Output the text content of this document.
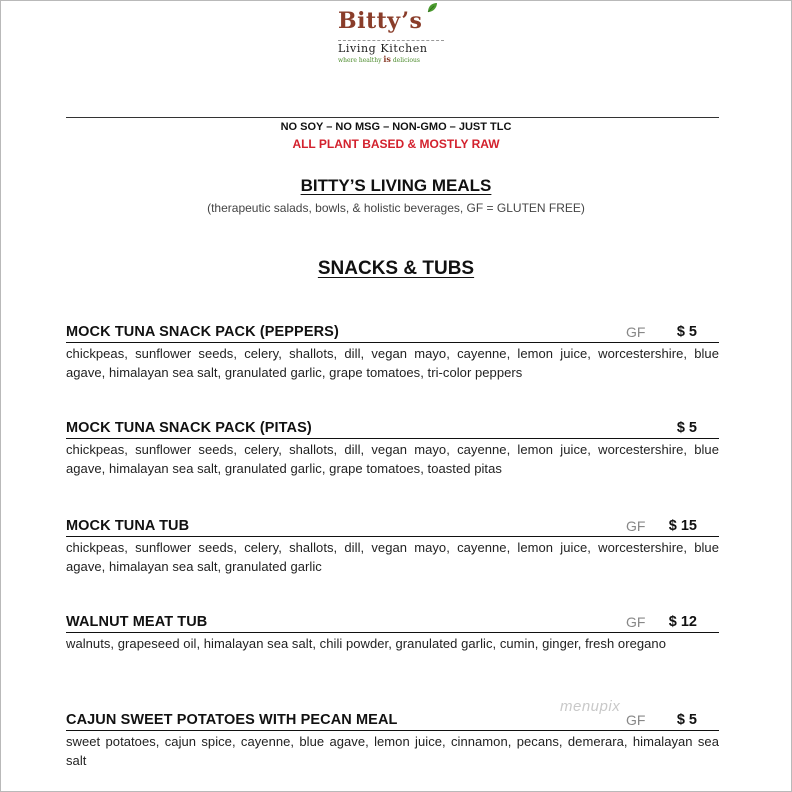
Bitty’s
Living Kitchen
where healthy is delicious
NO SOY – NO MSG – NON-GMO – JUST TLC
ALL PLANT BASED & MOSTLY RAW
BITTY’S LIVING MEALS
(therapeutic salads, bowls, & holistic beverages, GF = GLUTEN FREE)
SNACKS & TUBS
MOCK TUNA SNACK PACK (PEPPERS)	GF $ 5
chickpeas, sunflower seeds, celery, shallots, dill, vegan mayo, cayenne, lemon juice, worcestershire, blue agave, himalayan sea salt, granulated garlic, grape tomatoes, tri-color peppers
MOCK TUNA SNACK PACK (PITAS)	$ 5
chickpeas, sunflower seeds, celery, shallots, dill, vegan mayo, cayenne, lemon juice, worcestershire, blue agave, himalayan sea salt, granulated garlic, grape tomatoes, toasted pitas
MOCK TUNA TUB	GF $ 15
chickpeas, sunflower seeds, celery, shallots, dill, vegan mayo, cayenne, lemon juice, worcestershire, blue agave, himalayan sea salt, granulated garlic
WALNUT MEAT TUB	GF $ 12
walnuts, grapeseed oil, himalayan sea salt, chili powder, granulated garlic, cumin, ginger, fresh oregano
CAJUN SWEET POTATOES WITH PECAN MEAL	GF $ 5
sweet potatoes, cajun spice, cayenne, blue agave, lemon juice, cinnamon, pecans, demerara, himalayan sea salt
menupix
